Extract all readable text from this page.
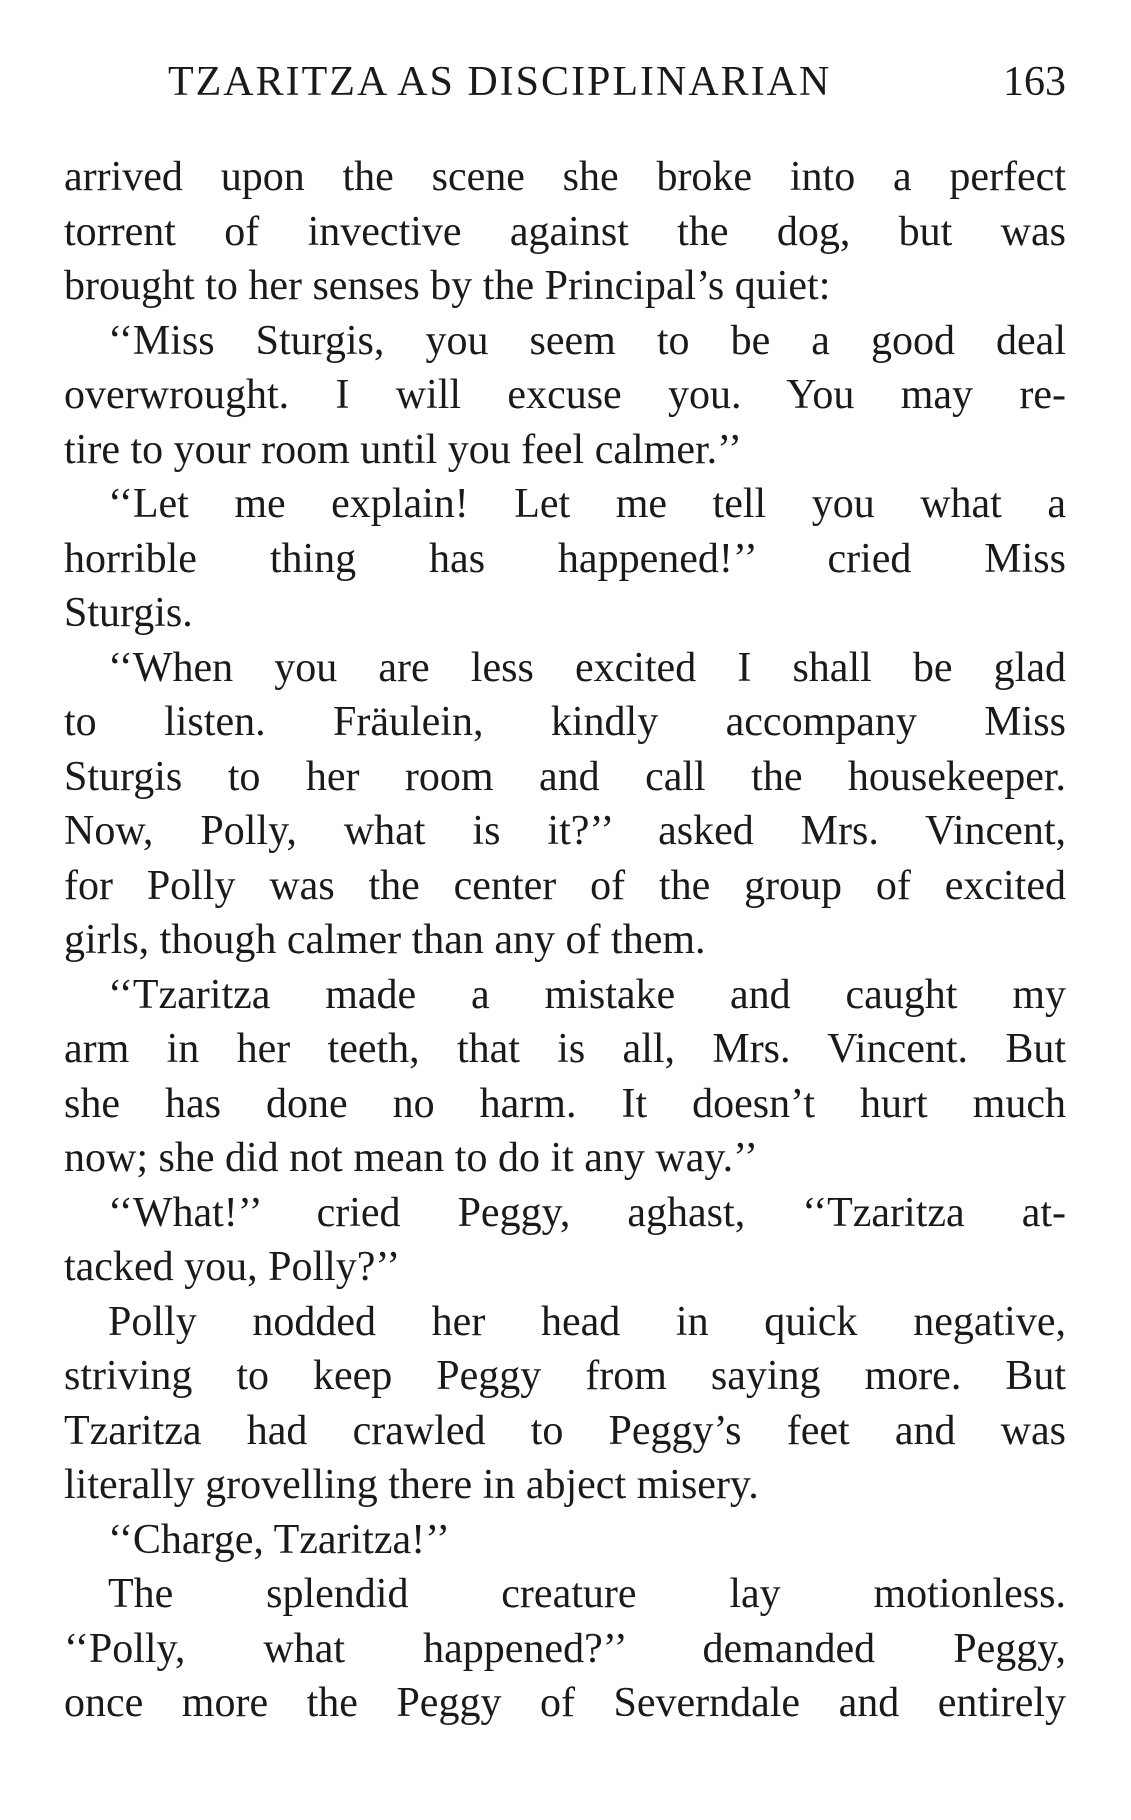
TZARITZA AS DISCIPLINARIAN	163
arrived upon the scene she broke into a perfect
torrent of invective against the dog, but was
brought to her senses by the Principal’s quiet:
‘‘Miss Sturgis, you seem to be a good deal
overwrought. I will excuse you. You may re-
tire to your room until you feel calmer.’’
‘‘Let me explain! Let me tell you what a
horrible thing has happened!’’ cried Miss
Sturgis.
‘‘When you are less excited I shall be glad
to listen. Fräulein, kindly accompany Miss
Sturgis to her room and call the housekeeper.
Now, Polly, what is it?’’ asked Mrs. Vincent,
for Polly was the center of the group of excited
girls, though calmer than any of them.
‘‘Tzaritza made a mistake and caught my
arm in her teeth, that is all, Mrs. Vincent. But
she has done no harm. It doesn’t hurt much
now; she did not mean to do it any way.’’
‘‘What!’’ cried Peggy, aghast, ‘‘Tzaritza at-
tacked you, Polly?’’
Polly nodded her head in quick negative,
striving to keep Peggy from saying more. But
Tzaritza had crawled to Peggy’s feet and was
literally grovelling there in abject misery.
‘‘Charge, Tzaritza!’’
The splendid creature lay motionless.
‘‘Polly, what happened?’’ demanded Peggy,
once more the Peggy of Severndale and entirely
